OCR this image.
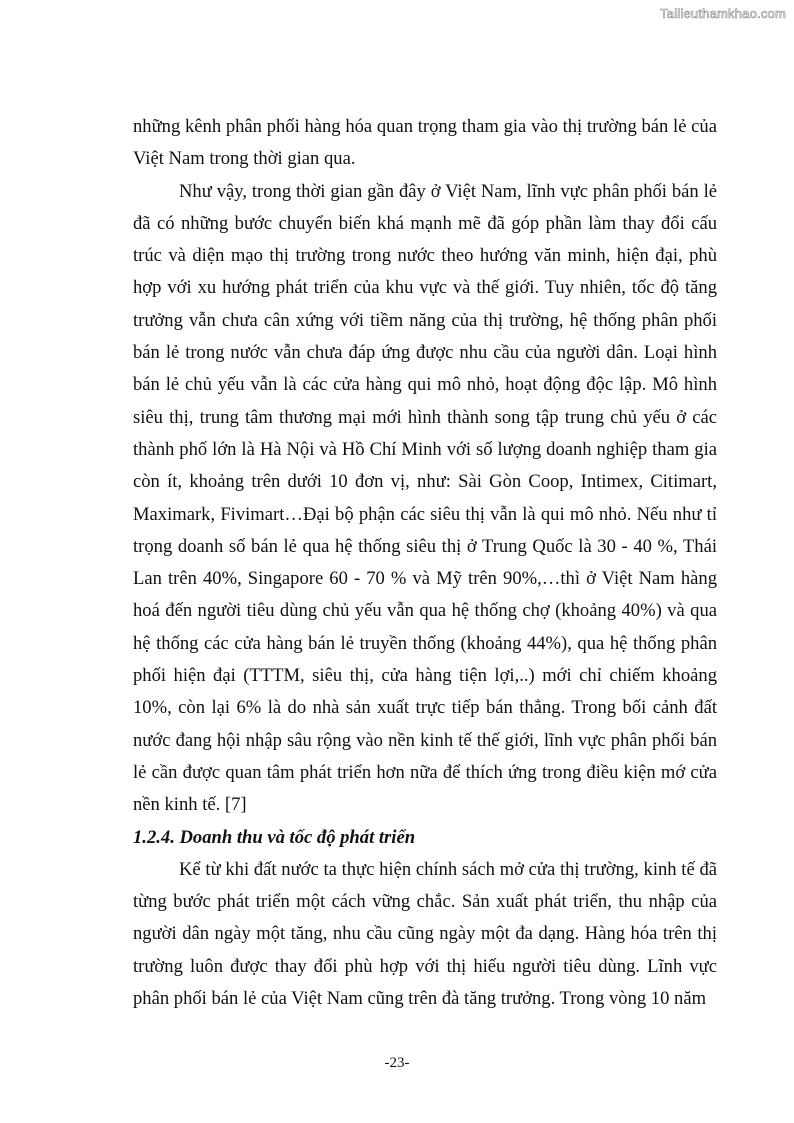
Tailieuthamkhao.com

những kênh phân phối hàng hóa quan trọng tham gia vào thị trường bán lẻ của Việt Nam trong thời gian qua.

Như vậy, trong thời gian gần đây ở Việt Nam, lĩnh vực phân phối bán lẻ đã có những bước chuyển biến khá mạnh mẽ đã góp phần làm thay đổi cấu trúc và diện mạo thị trường trong nước theo hướng văn minh, hiện đại, phù hợp với xu hướng phát triển của khu vực và thế giới. Tuy nhiên, tốc độ tăng trưởng vẫn chưa cân xứng với tiềm năng của thị trường, hệ thống phân phối bán lẻ trong nước vẫn chưa đáp ứng được nhu cầu của người dân. Loại hình bán lẻ chủ yếu vẫn là các cửa hàng qui mô nhỏ, hoạt động độc lập. Mô hình siêu thị, trung tâm thương mại mới hình thành song tập trung chủ yếu ở các thành phố lớn là Hà Nội và Hồ Chí Minh với số lượng doanh nghiệp tham gia còn ít, khoảng trên dưới 10 đơn vị, như: Sài Gòn Coop, Intimex, Citimart, Maximark, Fivimart…Đại bộ phận các siêu thị vẫn là qui mô nhỏ. Nếu như tỉ trọng doanh số bán lẻ qua hệ thống siêu thị ở Trung Quốc là 30 - 40 %, Thái Lan trên 40%, Singapore 60 - 70 % và Mỹ trên 90%,…thì ở Việt Nam hàng hoá đến người tiêu dùng chủ yếu vẫn qua hệ thống chợ (khoảng 40%) và qua hệ thống các cửa hàng bán lẻ truyền thống (khoảng 44%), qua hệ thống phân phối hiện đại (TTTM, siêu thị, cửa hàng tiện lợi,..) mới chỉ chiếm khoảng 10%, còn lại 6% là do nhà sản xuất trực tiếp bán thẳng. Trong bối cảnh đất nước đang hội nhập sâu rộng vào nền kinh tế thế giới, lĩnh vực phân phối bán lẻ cần được quan tâm phát triển hơn nữa để thích ứng trong điều kiện mớ cửa nền kinh tế. [7]

1.2.4. Doanh thu và tốc độ phát triển

Kể từ khi đất nước ta thực hiện chính sách mở cửa thị trường, kinh tế đã từng bước phát triển một cách vững chắc. Sản xuất phát triển, thu nhập của người dân ngày một tăng, nhu cầu cũng ngày một đa dạng. Hàng hóa trên thị trường luôn được thay đổi phù hợp với thị hiếu người tiêu dùng. Lĩnh vực phân phối bán lẻ của Việt Nam cũng trên đà tăng trưởng. Trong vòng 10 năm

-23-
